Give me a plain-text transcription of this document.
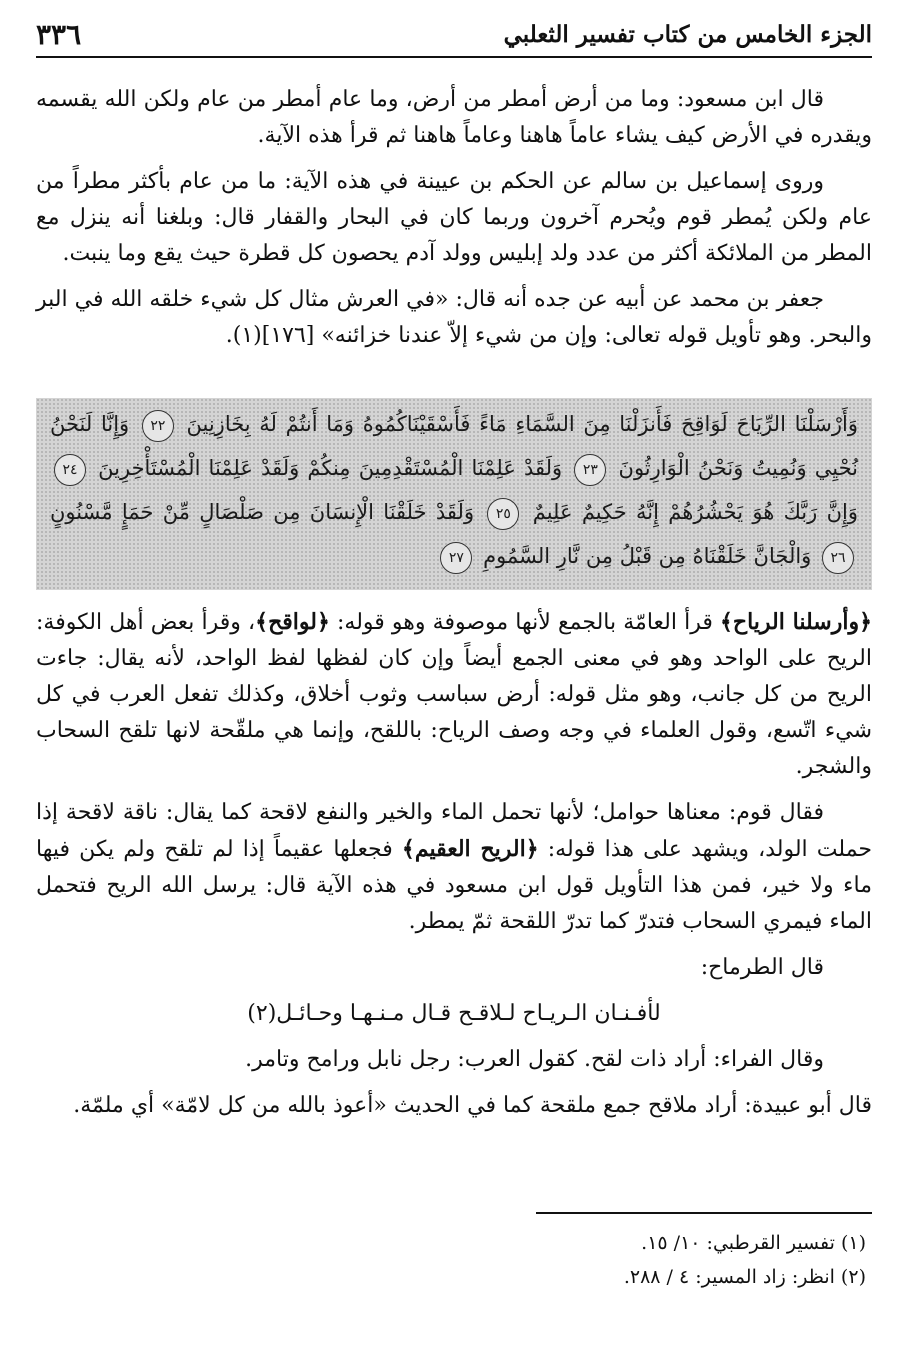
٣٣٦	الجزء الخامس من كتاب تفسير الثعلبي

قال ابن مسعود: وما من أرض أمطر من أرض، وما عام أمطر من عام ولكن الله يقسمه ويقدره في الأرض كيف يشاء عاماً هاهنا وعاماً هاهنا ثم قرأ هذه الآية.

وروى إسماعيل بن سالم عن الحكم بن عيينة في هذه الآية: ما من عام بأكثر مطراً من عام ولكن يُمطر قوم ويُحرم آخرون وربما كان في البحار والقفار قال: وبلغنا أنه ينزل مع المطر من الملائكة أكثر من عدد ولد إبليس وولد آدم يحصون كل قطرة حيث يقع وما ينبت.

جعفر بن محمد عن أبيه عن جده أنه قال: «في العرش مثال كل شيء خلقه الله في البر والبحر. وهو تأويل قوله تعالى: وإن من شيء إلاّ عندنا خزائنه» [١٧٦](١).

وَأَرْسَلْنَا الرِّيَاحَ لَوَاقِحَ فَأَنزَلْنَا مِنَ السَّمَاءِ مَاءً فَأَسْقَيْنَاكُمُوهُ وَمَا أَنتُمْ لَهُ بِخَازِنِينَ ٢٢ وَإِنَّا لَنَحْنُ نُحْيِي وَنُمِيتُ وَنَحْنُ الْوَارِثُونَ ٢٣ وَلَقَدْ عَلِمْنَا الْمُسْتَقْدِمِينَ مِنكُمْ وَلَقَدْ عَلِمْنَا الْمُسْتَأْخِرِينَ ٢٤ وَإِنَّ رَبَّكَ هُوَ يَحْشُرُهُمْ إِنَّهُ حَكِيمٌ عَلِيمٌ ٢٥ وَلَقَدْ خَلَقْنَا الْإِنسَانَ مِن صَلْصَالٍ مِّنْ حَمَإٍ مَّسْنُونٍ ٢٦ وَالْجَانَّ خَلَقْنَاهُ مِن قَبْلُ مِن نَّارِ السَّمُومِ ٢٧

﴿وأرسلنا الرياح﴾ قرأ العامّة بالجمع لأنها موصوفة وهو قوله: ﴿لواقح﴾، وقرأ بعض أهل الكوفة: الريح على الواحد وهو في معنى الجمع أيضاً وإن كان لفظها لفظ الواحد، لأنه يقال: جاءت الريح من كل جانب، وهو مثل قوله: أرض سباسب وثوب أخلاق، وكذلك تفعل العرب في كل شيء اتّسع، وقول العلماء في وجه وصف الرياح: باللقح، وإنما هي ملقّحة لانها تلقح السحاب والشجر.

فقال قوم: معناها حوامل؛ لأنها تحمل الماء والخير والنفع لاقحة كما يقال: ناقة لاقحة إذا حملت الولد، ويشهد على هذا قوله: ﴿الريح العقيم﴾ فجعلها عقيماً إذا لم تلقح ولم يكن فيها ماء ولا خير، فمن هذا التأويل قول ابن مسعود في هذه الآية قال: يرسل الله الريح فتحمل الماء فيمري السحاب فتدرّ كما تدرّ اللقحة ثمّ يمطر.

قال الطرماح:

لأفـنـان الـريـاح لـلاقـح قـال مـنـهـا وحـائـل(٢)

وقال الفراء: أراد ذات لقح. كقول العرب: رجل نابل ورامح وتامر.

قال أبو عبيدة: أراد ملاقح جمع ملقحة كما في الحديث «أعوذ بالله من كل لامّة» أي ملمّة.

(١) تفسير القرطبي: ١٠/ ١٥.
(٢) انظر: زاد المسير: ٤ / ٢٨٨.
